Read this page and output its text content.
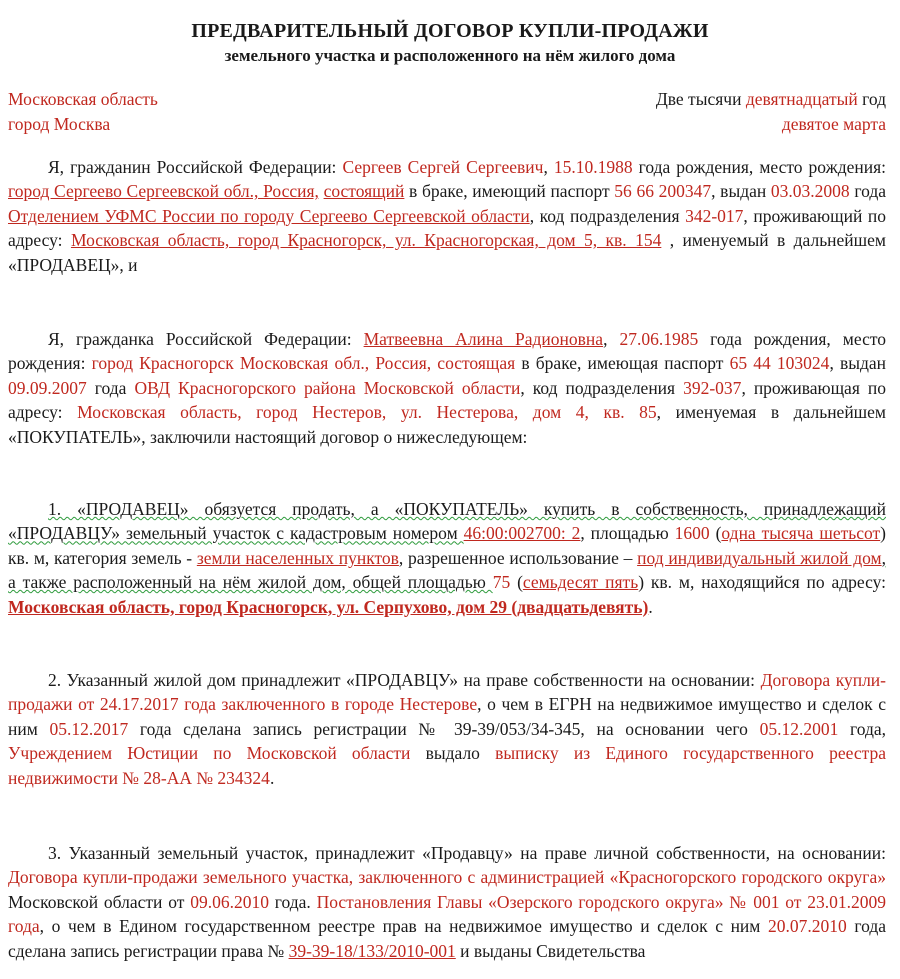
ПРЕДВАРИТЕЛЬНЫЙ ДОГОВОР КУПЛИ-ПРОДАЖИ
земельного участка и расположенного на нём жилого дома
Московская область
город Москва
Две тысячи девятнадцатый год
девятое марта

Я, гражданин Российской Федерации: Сергеев Сергей Сергеевич, 15.10.1988 года рождения, место рождения: город Сергеево Сергеевской обл., Россия, состоящий в браке, имеющий паспорт 56 66 200347, выдан 03.03.2008 года Отделением УФМС России по городу Сергеево Сергеевской области, код подразделения 342-017, проживающий по адресу: Московская область, город Красногорск, ул. Красногорская, дом 5, кв. 154 , именуемый в дальнейшем «ПРОДАВЕЦ», и

Я, гражданка Российской Федерации: Матвеевна Алина Радионовна, 27.06.1985 года рождения, место рождения: город Красногорск Московская обл., Россия, состоящая в браке, имеющая паспорт 65 44 103024, выдан 09.09.2007 года ОВД Красногорского района Московской области, код подразделения 392-037, проживающая по адресу: Московская область, город Нестеров, ул. Нестерова, дом 4, кв. 85, именуемая в дальнейшем «ПОКУПАТЕЛЬ», заключили настоящий договор о нижеследующем:

1. «ПРОДАВЕЦ» обязуется продать, а «ПОКУПАТЕЛЬ» купить в собственность, принадлежащий «ПРОДАВЦУ» земельный участок с кадастровым номером 46:00:002700: 2, площадью 1600 (одна тысяча шетьсот) кв. м, категория земель - земли населенных пунктов, разрешенное использование – под индивидуальный жилой дом, а также расположенный на нём жилой дом, общей площадью 75 (семьдесят пять) кв. м, находящийся по адресу: Московская область, город Красногорск, ул. Серпухово, дом 29 (двадцатьдевять).

2. Указанный жилой дом принадлежит «ПРОДАВЦУ» на праве собственности на основании: Договора купли-продажи от 24.17.2017 года заключенного в городе Нестерове, о чем в ЕГРН на недвижимое имущество и сделок с ним 05.12.2017 года сделана запись регистрации № 39-39/053/34-345, на основании чего 05.12.2001 года, Учреждением Юстиции по Московской области выдало выписку из Единого государственного реестра недвижимости № 28-АА № 234324.

3. Указанный земельный участок, принадлежит «Продавцу» на праве личной собственности, на основании: Договора купли-продажи земельного участка, заключенного с администрацией «Красногорского городского округа» Московской области от 09.06.2010 года. Постановления Главы «Озерского городского округа» № 001 от 23.01.2009 года, о чем в Едином государственном реестре прав на недвижимое имущество и сделок с ним 20.07.2010 года сделана запись регистрации права № 39-39-18/133/2010-001 и выданы Свидетельства
